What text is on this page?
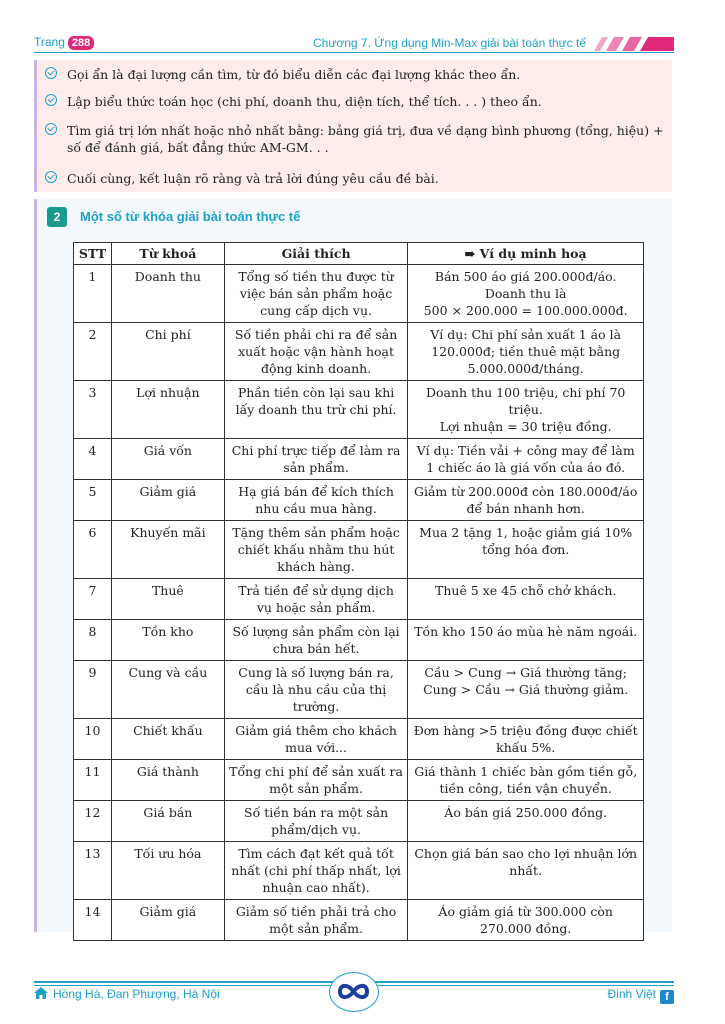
Trang 288	Chương 7. Ứng dụng Min-Max giải bài toán thực tế
Gọi ẩn là đại lượng cần tìm, từ đó biểu diễn các đại lượng khác theo ẩn.
Lập biểu thức toán học (chi phí, doanh thu, diện tích, thể tích. . . ) theo ẩn.
Tìm giá trị lớn nhất hoặc nhỏ nhất bằng: bảng giá trị, đưa về dạng bình phương (tổng, hiệu) + số để đánh giá, bất đẳng thức AM-GM. . .
Cuối cùng, kết luận rõ ràng và trả lời đúng yêu cầu đề bài.
2	Một số từ khóa giải bài toán thực tế
STT	Từ khoá	Giải thích	➠ Ví dụ minh hoạ
1	Doanh thu	Tổng số tiền thu được từ việc bán sản phẩm hoặc cung cấp dịch vụ.	Bán 500 áo giá 200.000đ/áo.
Doanh thu là
500 × 200.000 = 100.000.000đ.
2	Chi phí	Số tiền phải chi ra để sản xuất hoặc vận hành hoạt động kinh doanh.	Ví dụ: Chi phí sản xuất 1 áo là 120.000đ; tiền thuê mặt bằng 5.000.000đ/tháng.
3	Lợi nhuận	Phần tiền còn lại sau khi lấy doanh thu trừ chi phí.	Doanh thu 100 triệu, chi phí 70 triệu.
Lợi nhuận = 30 triệu đồng.
4	Giá vốn	Chi phí trực tiếp để làm ra sản phẩm.	Ví dụ: Tiền vải + công may để làm 1 chiếc áo là giá vốn của áo đó.
5	Giảm giá	Hạ giá bán để kích thích nhu cầu mua hàng.	Giảm từ 200.000đ còn 180.000đ/áo để bán nhanh hơn.
6	Khuyến mãi	Tặng thêm sản phẩm hoặc chiết khấu nhằm thu hút khách hàng.	Mua 2 tặng 1, hoặc giảm giá 10% tổng hóa đơn.
7	Thuê	Trả tiền để sử dụng dịch vụ hoặc sản phẩm.	Thuê 5 xe 45 chỗ chở khách.
8	Tồn kho	Số lượng sản phẩm còn lại chưa bán hết.	Tồn kho 150 áo mùa hè năm ngoái.
9	Cung và cầu	Cung là số lượng bán ra, cầu là nhu cầu của thị trường.	Cầu > Cung → Giá thường tăng;
Cung > Cầu → Giá thường giảm.
10	Chiết khấu	Giảm giá thêm cho khách mua với...	Đơn hàng >5 triệu đồng được chiết khấu 5%.
11	Giá thành	Tổng chi phí để sản xuất ra một sản phẩm.	Giá thành 1 chiếc bàn gồm tiền gỗ, tiền công, tiền vận chuyển.
12	Giá bán	Số tiền bán ra một sản phẩm/dịch vụ.	Áo bán giá 250.000 đồng.
13	Tối ưu hóa	Tìm cách đạt kết quả tốt nhất (chi phí thấp nhất, lợi nhuận cao nhất).	Chọn giá bán sao cho lợi nhuận lớn nhất.
14	Giảm giá	Giảm số tiền phải trả cho một sản phẩm.	Áo giảm giá từ 300.000 còn 270.000 đồng.
Hồng Hà, Đan Phượng, Hà Nội	Đinh Việt f
